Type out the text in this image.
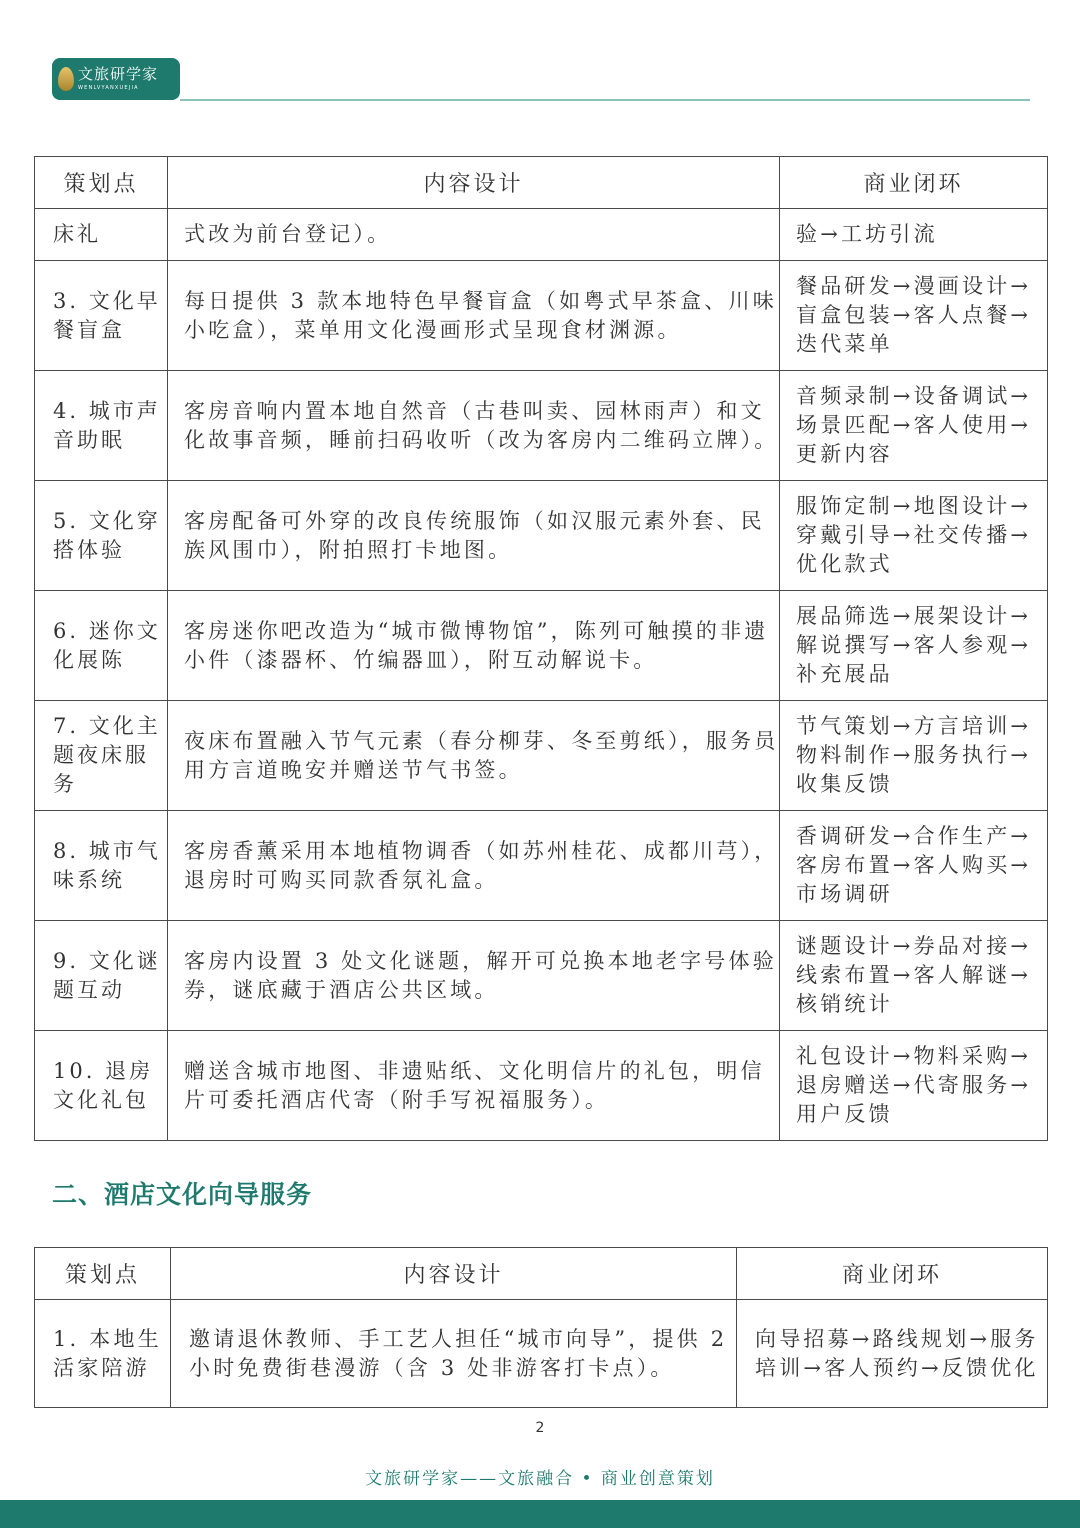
文旅研学家
WENLVYANXUEJIA
策划点	内容设计	商业闭环
床礼	式改为前台登记）。	验→工坊引流
3. 文化早餐盲盒	每日提供 3 款本地特色早餐盲盒（如粤式早茶盒、川味小吃盒），菜单用文化漫画形式呈现食材渊源。	餐品研发→漫画设计→盲盒包装→客人点餐→迭代菜单
4. 城市声音助眠	客房音响内置本地自然音（古巷叫卖、园林雨声）和文化故事音频，睡前扫码收听（改为客房内二维码立牌）。	音频录制→设备调试→场景匹配→客人使用→更新内容
5. 文化穿搭体验	客房配备可外穿的改良传统服饰（如汉服元素外套、民族风围巾），附拍照打卡地图。	服饰定制→地图设计→穿戴引导→社交传播→优化款式
6. 迷你文化展陈	客房迷你吧改造为“城市微博物馆”，陈列可触摸的非遗小件（漆器杯、竹编器皿），附互动解说卡。	展品筛选→展架设计→解说撰写→客人参观→补充展品
7. 文化主题夜床服务	夜床布置融入节气元素（春分柳芽、冬至剪纸），服务员用方言道晚安并赠送节气书签。	节气策划→方言培训→物料制作→服务执行→收集反馈
8. 城市气味系统	客房香薰采用本地植物调香（如苏州桂花、成都川芎），退房时可购买同款香氛礼盒。	香调研发→合作生产→客房布置→客人购买→市场调研
9. 文化谜题互动	客房内设置 3 处文化谜题，解开可兑换本地老字号体验券，谜底藏于酒店公共区域。	谜题设计→券品对接→线索布置→客人解谜→核销统计
10. 退房文化礼包	赠送含城市地图、非遗贴纸、文化明信片的礼包，明信片可委托酒店代寄（附手写祝福服务）。	礼包设计→物料采购→退房赠送→代寄服务→用户反馈
二、酒店文化向导服务
策划点	内容设计	商业闭环
1. 本地生活家陪游	邀请退休教师、手工艺人担任“城市向导”，提供 2 小时免费街巷漫游（含 3 处非游客打卡点）。	向导招募→路线规划→服务培训→客人预约→反馈优化
2
文旅研学家——文旅融合 • 商业创意策划
